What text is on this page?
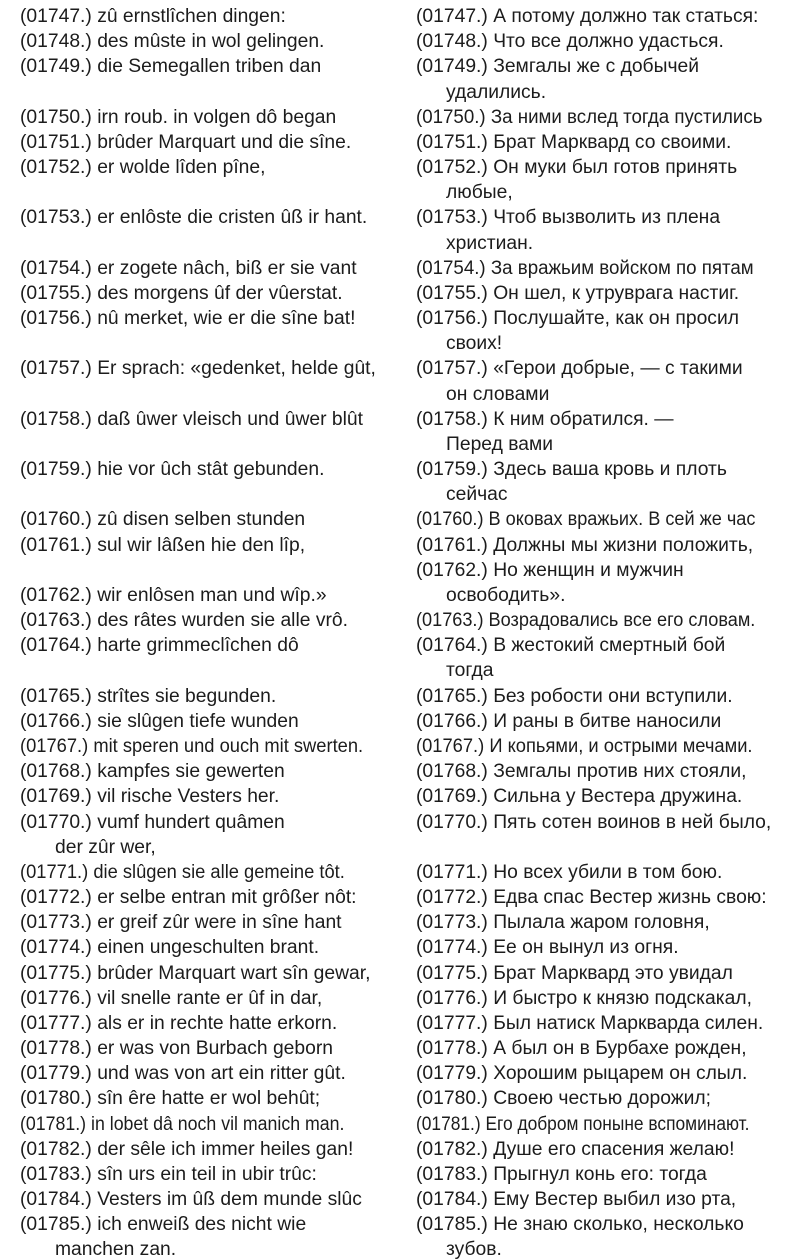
(01747.) zû ernstlîchen dingen:
(01748.) des mûste in wol gelingen.
(01749.) die Semegallen triben dan
(01750.) irn roub. in volgen dô began
(01751.) brûder Marquart und die sîne.
(01752.) er wolde lîden pîne,
(01753.) er enlôste die cristen ûß ir hant.
(01754.) er zogete nâch, biß er sie vant
(01755.) des morgens ûf der vûerstat.
(01756.) nû merket, wie er die sîne bat!
(01757.) Er sprach: «gedenket, helde gût,
(01758.) daß ûwer vleisch und ûwer blût
(01759.) hie vor ûch stât gebunden.
(01760.) zû disen selben stunden
(01761.) sul wir lâßen hie den lîp,
(01762.) wir enlôsen man und wîp.»
(01763.) des râtes wurden sie alle vrô.
(01764.) harte grimmeclîchen dô
(01765.) strîtes sie begunden.
(01766.) sie slûgen tiefe wunden
(01767.) mit speren und ouch mit swerten.
(01768.) kampfes sie gewerten
(01769.) vil rische Vesters her.
(01770.) vumf hundert quâmen
der zûr wer,
(01771.) die slûgen sie alle gemeine tôt.
(01772.) er selbe entran mit grôßer nôt:
(01773.) er greif zûr were in sîne hant
(01774.) einen ungeschulten brant.
(01775.) brûder Marquart wart sîn gewar,
(01776.) vil snelle rante er ûf in dar,
(01777.) als er in rechte hatte erkorn.
(01778.) er was von Burbach geborn
(01779.) und was von art ein ritter gût.
(01780.) sîn êre hatte er wol behût;
(01781.) in lobet dâ noch vil manich man.
(01782.) der sêle ich immer heiles gan!
(01783.) sîn urs ein teil in ubir trûc:
(01784.) Vesters im ûß dem munde slûc
(01785.) ich enweiß des nicht wie
manchen zan.
(01747.) А потому должно так статься:
(01748.) Что все должно удасться.
(01749.) Земгалы же с добычей
удалились.
(01750.) За ними вслед тогда пустились
(01751.) Брат Марквард со своими.
(01752.) Он муки был готов принять
любые,
(01753.) Чтоб вызволить из плена
христиан.
(01754.) За вражьим войском по пятам
(01755.) Он шел, к утруврага настиг.
(01756.) Послушайте, как он просил
своих!
(01757.) «Герои добрые, — с такими
он словами
(01758.) К ним обратился. —
Перед вами
(01759.) Здесь ваша кровь и плоть
сейчас
(01760.) В оковах вражьих. В сей же час
(01761.) Должны мы жизни положить,
(01762.) Но женщин и мужчин
освободить».
(01763.) Возрадовались все его словам.
(01764.) В жестокий смертный бой
тогда
(01765.) Без робости они вступили.
(01766.) И раны в битве наносили
(01767.) И копьями, и острыми мечами.
(01768.) Земгалы против них стояли,
(01769.) Сильна у Вестера дружина.
(01770.) Пять сотен воинов в ней было,
(01771.) Но всех убили в том бою.
(01772.) Едва спас Вестер жизнь свою:
(01773.) Пылала жаром головня,
(01774.) Ее он вынул из огня.
(01775.) Брат Марквард это увидал
(01776.) И быстро к князю подскакал,
(01777.) Был натиск Маркварда силен.
(01778.) А был он в Бурбахе рожден,
(01779.) Хорошим рыцарем он слыл.
(01780.) Своею честью дорожил;
(01781.) Его добром поныне вспоминают.
(01782.) Душе его спасения желаю!
(01783.) Прыгнул конь его: тогда
(01784.) Ему Вестер выбил изо рта,
(01785.) Не знаю сколько, несколько
зубов.
